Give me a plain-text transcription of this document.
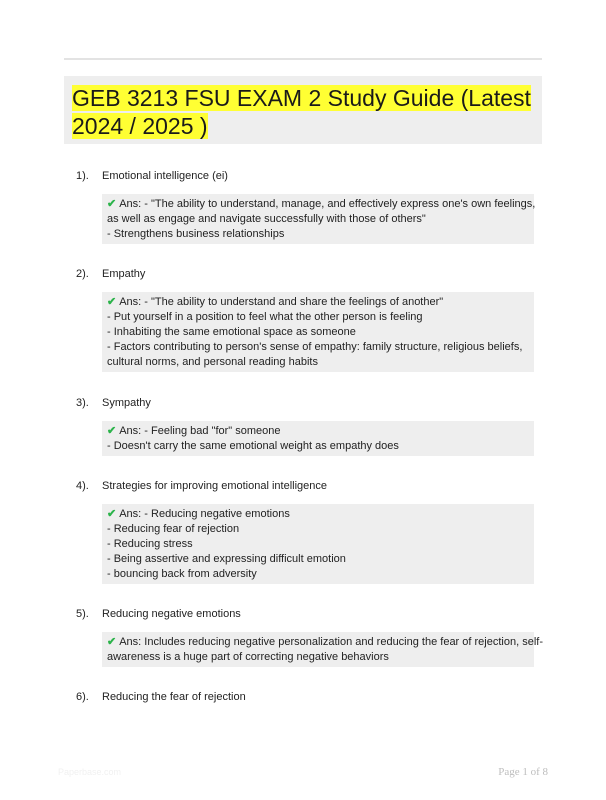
GEB 3213 FSU EXAM 2 Study Guide (Latest 2024 / 2025 )
1). Emotional intelligence (ei)
✔ Ans: - "The ability to understand, manage, and effectively express one's own feelings,
as well as engage and navigate successfully with those of others"
- Strengthens business relationships
2). Empathy
✔ Ans: - "The ability to understand and share the feelings of another"
- Put yourself in a position to feel what the other person is feeling
- Inhabiting the same emotional space as someone
- Factors contributing to person's sense of empathy: family structure, religious beliefs,
cultural norms, and personal reading habits
3). Sympathy
✔ Ans: - Feeling bad "for" someone
- Doesn't carry the same emotional weight as empathy does
4). Strategies for improving emotional intelligence
✔ Ans: - Reducing negative emotions
- Reducing fear of rejection
- Reducing stress
- Being assertive and expressing difficult emotion
- bouncing back from adversity
5). Reducing negative emotions
✔ Ans: Includes reducing negative personalization and reducing the fear of rejection, self-
awareness is a huge part of correcting negative behaviors
6). Reducing the fear of rejection
Paperbase.com	Page 1 of 8
